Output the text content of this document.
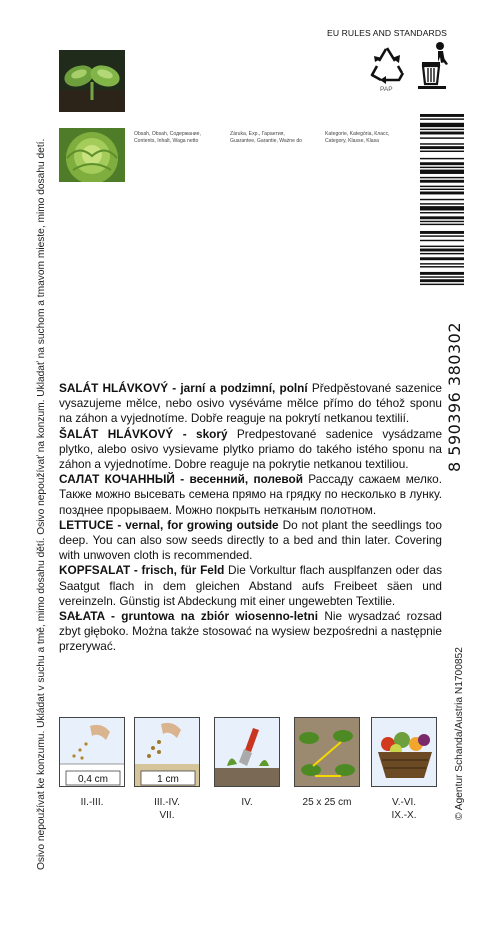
Osivo nepoužívat ke konzumu. Ukládat v suchu a tmě, mimo dosahu dětí. Osivo nepoužívať na konzum. Ukladať na suchom a tmavom mieste, mimo dosahu detí.
EU RULES AND STANDARDS
PAP
Obsah, Obsah, Содержание,
Contents, Inhalt, Waga netto
Záruka, Exp., Гарантия,
Guarantee, Garantie, Ważne do
Kategorie, Kategória, Класс,
Category, Klasse, Klasa
8 590396 380302

SALÁT HLÁVKOVÝ - jarní a podzimní, polní Předpěstované sazenice vysazujeme mělce, nebo osivo vyséváme mělce přímo do téhož sponu na záhon a vyjednotíme. Dobře reaguje na pokrytí netkanou textilií.

ŠALÁT HLÁVKOVÝ - skorý Predpestované sadenice vysádzame plytko, alebo osivo vysievame plytko priamo do takého istého sponu na záhon a vyjednotíme. Dobre reaguje na pokrytie netkanou textiliou.

САЛАТ КОЧАННЫЙ - весенний, полевой Рассаду сажаем мелко. Также можно высевать семена прямо на грядку по несколько в лунку. позднее прорываем. Можно покрыть нетканым полотном.

LETTUCE - vernal, for growing outside Do not plant the seedlings too deep. You can also sow seeds directly to a bed and thin later. Covering with unwoven cloth is recommended.

KOPFSALAT - frisch, für Feld Die Vorkultur flach ausplfanzen oder das Saatgut flach in dem gleichen Abstand aufs Freibeet säen und vereinzeln. Günstig ist Abdeckung mit einer ungewebten Textilie.

SAŁATA - gruntowa na zbiór wiosenno-letni Nie wysadzać rozsad zbyt głęboko. Można także stosować na wysiew bezpośredni a następnie przerywać.

0,4 cm	1 cm
II.-III.	III.-IV.
VII.
IV.	25 x 25 cm	V.-VI.
IX.-X.	© Agentur Schanda/Austria N1700852
